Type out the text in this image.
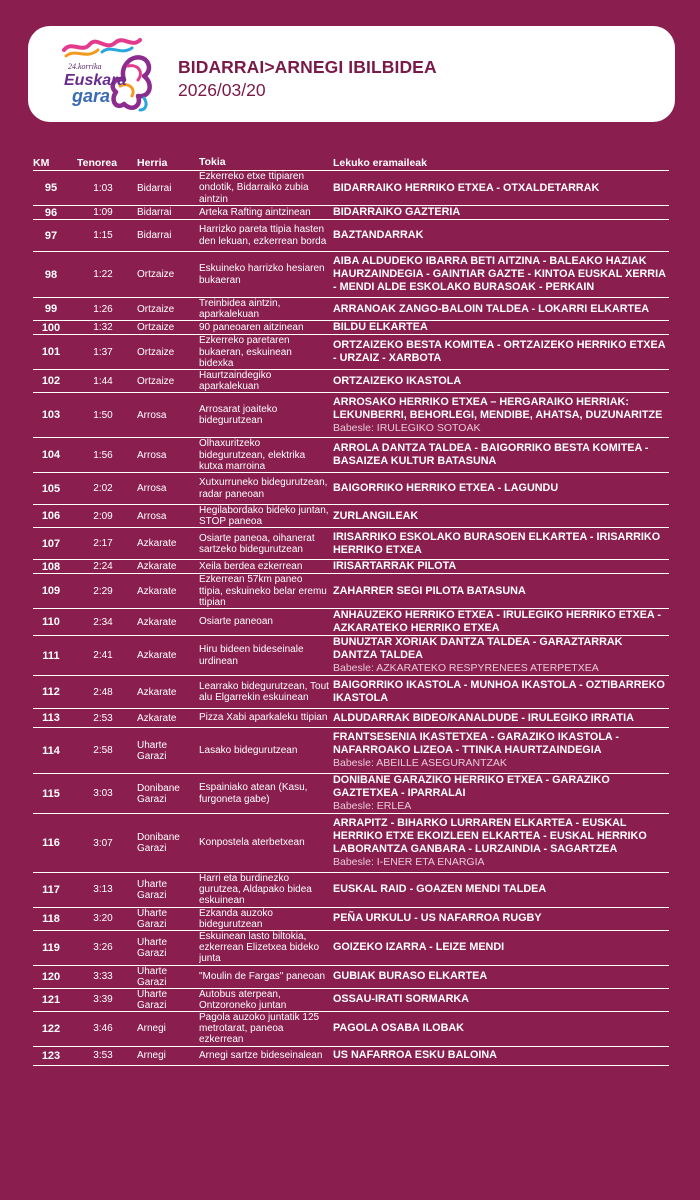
24.korrika
Euskara
gara
BIDARRAI>ARNEGI IBILBIDEA
2026/03/20
KM	Tenorea	Herria	Tokia	Lekuko eramaileak
95	1:03	Bidarrai	Ezkerreko etxe ttipiaren ondotik, Bidarraiko zubia aintzin	BIDARRAIKO HERRIKO ETXEA - OTXALDETARRAK

96	1:09	Bidarrai	Arteka Rafting aintzinean	BIDARRAIKO GAZTERIA

97	1:15	Bidarrai	Harrizko pareta ttipia hasten den lekuan, ezkerrean borda	BAZTANDARRAK

98	1:22	Ortzaize	Eskuineko harrizko hesiaren bukaeran	AIBA ALDUDEKO IBARRA BETI AITZINA - BALEAKO HAZIAK HAURZAINDEGIA - GAINTIAR GAZTE - KINTOA EUSKAL XERRIA - MENDI ALDE ESKOLAKO BURASOAK - PERKAIN

99	1:26	Ortzaize	Treinbidea aintzin, aparkalekuan	ARRANOAK ZANGO-BALOIN TALDEA - LOKARRI ELKARTEA

100	1:32	Ortzaize	90 paneoaren aitzinean	BILDU ELKARTEA

101	1:37	Ortzaize	Ezkerreko paretaren bukaeran, eskuinean bidexka	ORTZAIZEKO BESTA KOMITEA - ORTZAIZEKO HERRIKO ETXEA - URZAIZ - XARBOTA

102	1:44	Ortzaize	Haurtzaindegiko aparkalekuan	ORTZAIZEKO IKASTOLA

103	1:50	Arrosa	Arrosarat joaiteko bidegurutzean	ARROSAKO HERRIKO ETXEA – HERGARAIKO HERRIAK: LEKUNBERRI, BEHORLEGI, MENDIBE, AHATSA, DUZUNARITZE
Babesle: IRULEGIKO SOTOAK

104	1:56	Arrosa	Olhaxuritzeko bidegurutzean, elektrika kutxa marroina	ARROLA DANTZA TALDEA - BAIGORRIKO BESTA KOMITEA - BASAIZEA KULTUR BATASUNA

105	2:02	Arrosa	Xutxurruneko bidegurutzean, radar paneoan	BAIGORRIKO HERRIKO ETXEA - LAGUNDU

106	2:09	Arrosa	Hegilabordako bideko juntan, STOP paneoa	ZURLANGILEAK

107	2:17	Azkarate	Osiarte paneoa, oihanerat sartzeko bidegurutzean	IRISARRIKO ESKOLAKO BURASOEN ELKARTEA - IRISARRIKO HERRIKO ETXEA

108	2:24	Azkarate	Xeila berdea ezkerrean	IRISARTARRAK PILOTA

109	2:29	Azkarate	Ezkerrean 57km paneo ttipia, eskuineko belar eremu ttipian	ZAHARRER SEGI PILOTA BATASUNA

110	2:34	Azkarate	Osiarte paneoan	ANHAUZEKO HERRIKO ETXEA - IRULEGIKO HERRIKO ETXEA - AZKARATEKO HERRIKO ETXEA

111	2:41	Azkarate	Hiru bideen bideseinale urdinean	BUNUZTAR XORIAK DANTZA TALDEA - GARAZTARRAK DANTZA TALDEA
Babesle: AZKARATEKO RESPYRENEES ATERPETXEA

112	2:48	Azkarate	Learrako bidegurutzean, Tout alu Elgarrekin eskuinean	BAIGORRIKO IKASTOLA - MUNHOA IKASTOLA - OZTIBARREKO IKASTOLA

113	2:53	Azkarate	Pizza Xabi aparkaleku ttipian	ALDUDARRAK BIDEO/KANALDUDE - IRULEGIKO IRRATIA

114	2:58	Uharte Garazi	Lasako bidegurutzean	FRANTSESENIA IKASTETXEA - GARAZIKO IKASTOLA - NAFARROAKO LIZEOA - TTINKA HAURTZAINDEGIA
Babesle: ABEILLE ASEGURANTZAK

115	3:03	Donibane Garazi	Espainiako atean (Kasu, furgoneta gabe)	DONIBANE GARAZIKO HERRIKO ETXEA - GARAZIKO GAZTETXEA - IPARRALAI
Babesle: ERLEA

116	3:07	Donibane Garazi	Konpostela aterbetxean	ARRAPITZ - BIHARKO LURRAREN ELKARTEA - EUSKAL HERRIKO ETXE EKOIZLEEN ELKARTEA - EUSKAL HERRIKO LABORANTZA GANBARA - LURZAINDIA - SAGARTZEA
Babesle: I-ENER ETA ENARGIA

117	3:13	Uharte Garazi	Harri eta burdinezko gurutzea, Aldapako bidea eskuinean	EUSKAL RAID - GOAZEN MENDI TALDEA

118	3:20	Uharte Garazi	Ezkanda auzoko bidegurutzean	PEÑA URKULU - US NAFARROA RUGBY

119	3:26	Uharte Garazi	Eskuinean lasto biltokia, ezkerrean Elizetxea bideko junta	GOIZEKO IZARRA - LEIZE MENDI

120	3:33	Uharte Garazi	"Moulin de Fargas" paneoan	GUBIAK BURASO ELKARTEA

121	3:39	Uharte Garazi	Autobus aterpean, Ontzoroneko juntan	OSSAU-IRATI SORMARKA

122	3:46	Arnegi	Pagola auzoko juntatik 125 metrotarat, paneoa ezkerrean	PAGOLA OSABA ILOBAK

123	3:53	Arnegi	Arnegi sartze bideseinalean	US NAFARROA ESKU BALOINA
